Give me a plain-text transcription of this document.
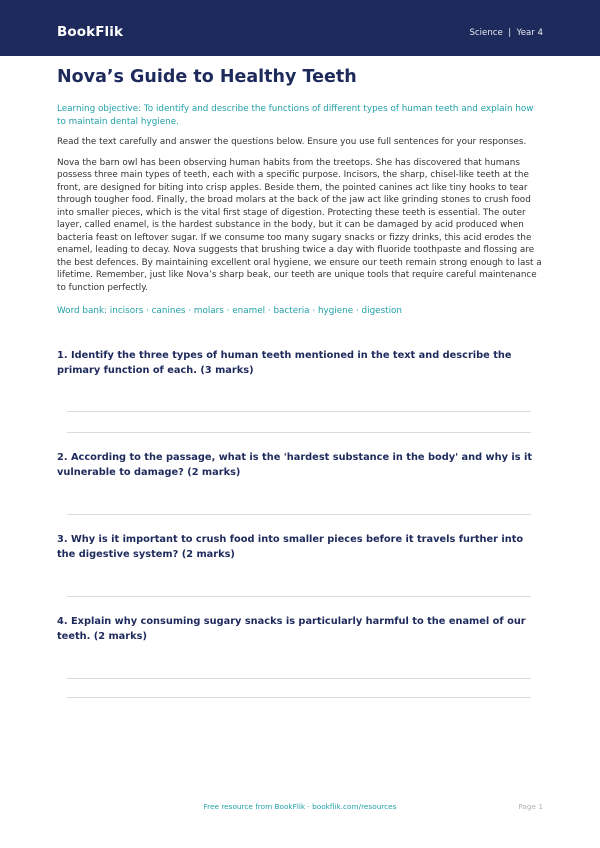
BookFlik	Science  |  Year 4
Nova’s Guide to Healthy Teeth

Learning objective: To identify and describe the functions of different types of human teeth and explain how to maintain dental hygiene.

Read the text carefully and answer the questions below. Ensure you use full sentences for your responses.

Nova the barn owl has been observing human habits from the treetops. She has discovered that humans possess three main types of teeth, each with a specific purpose. Incisors, the sharp, chisel-like teeth at the front, are designed for biting into crisp apples. Beside them, the pointed canines act like tiny hooks to tear through tougher food. Finally, the broad molars at the back of the jaw act like grinding stones to crush food into smaller pieces, which is the vital first stage of digestion. Protecting these teeth is essential. The outer layer, called enamel, is the hardest substance in the body, but it can be damaged by acid produced when bacteria feast on leftover sugar. If we consume too many sugary snacks or fizzy drinks, this acid erodes the enamel, leading to decay. Nova suggests that brushing twice a day with fluoride toothpaste and flossing are the best defences. By maintaining excellent oral hygiene, we ensure our teeth remain strong enough to last a lifetime. Remember, just like Nova’s sharp beak, our teeth are unique tools that require careful maintenance to function perfectly.

Word bank: incisors · canines · molars · enamel · bacteria · hygiene · digestion

1. Identify the three types of human teeth mentioned in the text and describe the primary function of each. (3 marks)

2. According to the passage, what is the 'hardest substance in the body' and why is it vulnerable to damage? (2 marks)

3. Why is it important to crush food into smaller pieces before it travels further into the digestive system? (2 marks)

4. Explain why consuming sugary snacks is particularly harmful to the enamel of our teeth. (2 marks)

Free resource from BookFlik · bookflik.com/resources	Page 1
